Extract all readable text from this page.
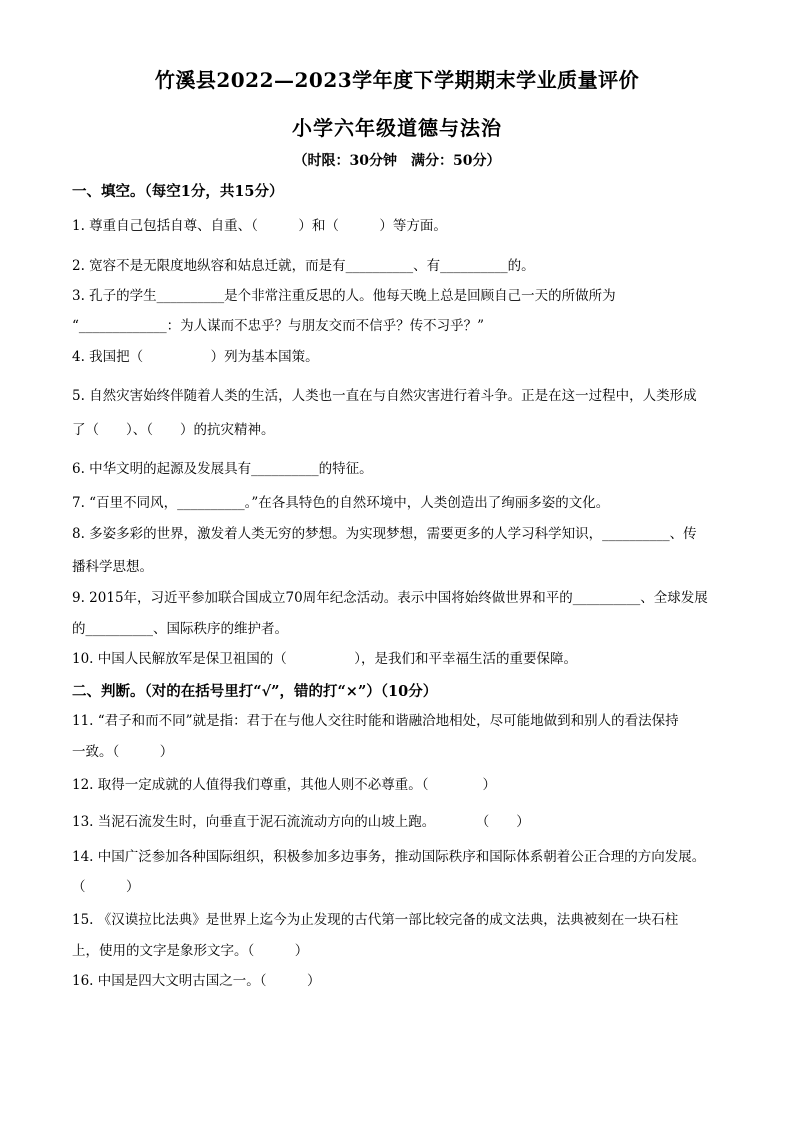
竹溪县2022—2023学年度下学期期末学业质量评价
小学六年级道德与法治
（时限：30分钟　满分：50分）
一、填空。（每空1分，共15分）
1. 尊重自己包括自尊、自重、（　　　）和（　　　）等方面。
2. 宽容不是无限度地纵容和姑息迁就，而是有__________、有__________的。
3. 孔子的学生__________是个非常注重反思的人。他每天晚上总是回顾自己一天的所做所为
“_____________：为人谋而不忠乎？与朋友交而不信乎？传不习乎？”
4. 我国把（　　　　　）列为基本国策。
5. 自然灾害始终伴随着人类的生活，人类也一直在与自然灾害进行着斗争。正是在这一过程中，人类形成
了（　　）、（　　）的抗灾精神。
6. 中华文明的起源及发展具有__________的特征。
7. “百里不同风，__________。”在各具特色的自然环境中，人类创造出了绚丽多姿的文化。
8. 多姿多彩的世界，激发着人类无穷的梦想。为实现梦想，需要更多的人学习科学知识，__________、传
播科学思想。
9. 2015年，习近平参加联合国成立70周年纪念活动。表示中国将始终做世界和平的__________、全球发展
的__________、国际秩序的维护者。
10. 中国人民解放军是保卫祖国的（　　　　　），是我们和平幸福生活的重要保障。
二、判断。（对的在括号里打“√”，错的打“×”）（10分）
11. “君子和而不同”就是指：君于在与他人交往时能和谐融洽地相处，尽可能地做到和别人的看法保持
一致。（　　　）
12. 取得一定成就的人值得我们尊重，其他人则不必尊重。（　　　　）
13. 当泥石流发生时，向垂直于泥石流流动方向的山坡上跑。　　　　（　　）
14. 中国广泛参加各种国际组织，积极参加多边事务，推动国际秩序和国际体系朝着公正合理的方向发展。
（　　　）
15. 《汉谟拉比法典》是世界上迄今为止发现的古代第一部比较完备的成文法典，法典被刻在一块石柱
上，使用的文字是象形文字。（　　　）
16. 中国是四大文明古国之一。（　　　）
